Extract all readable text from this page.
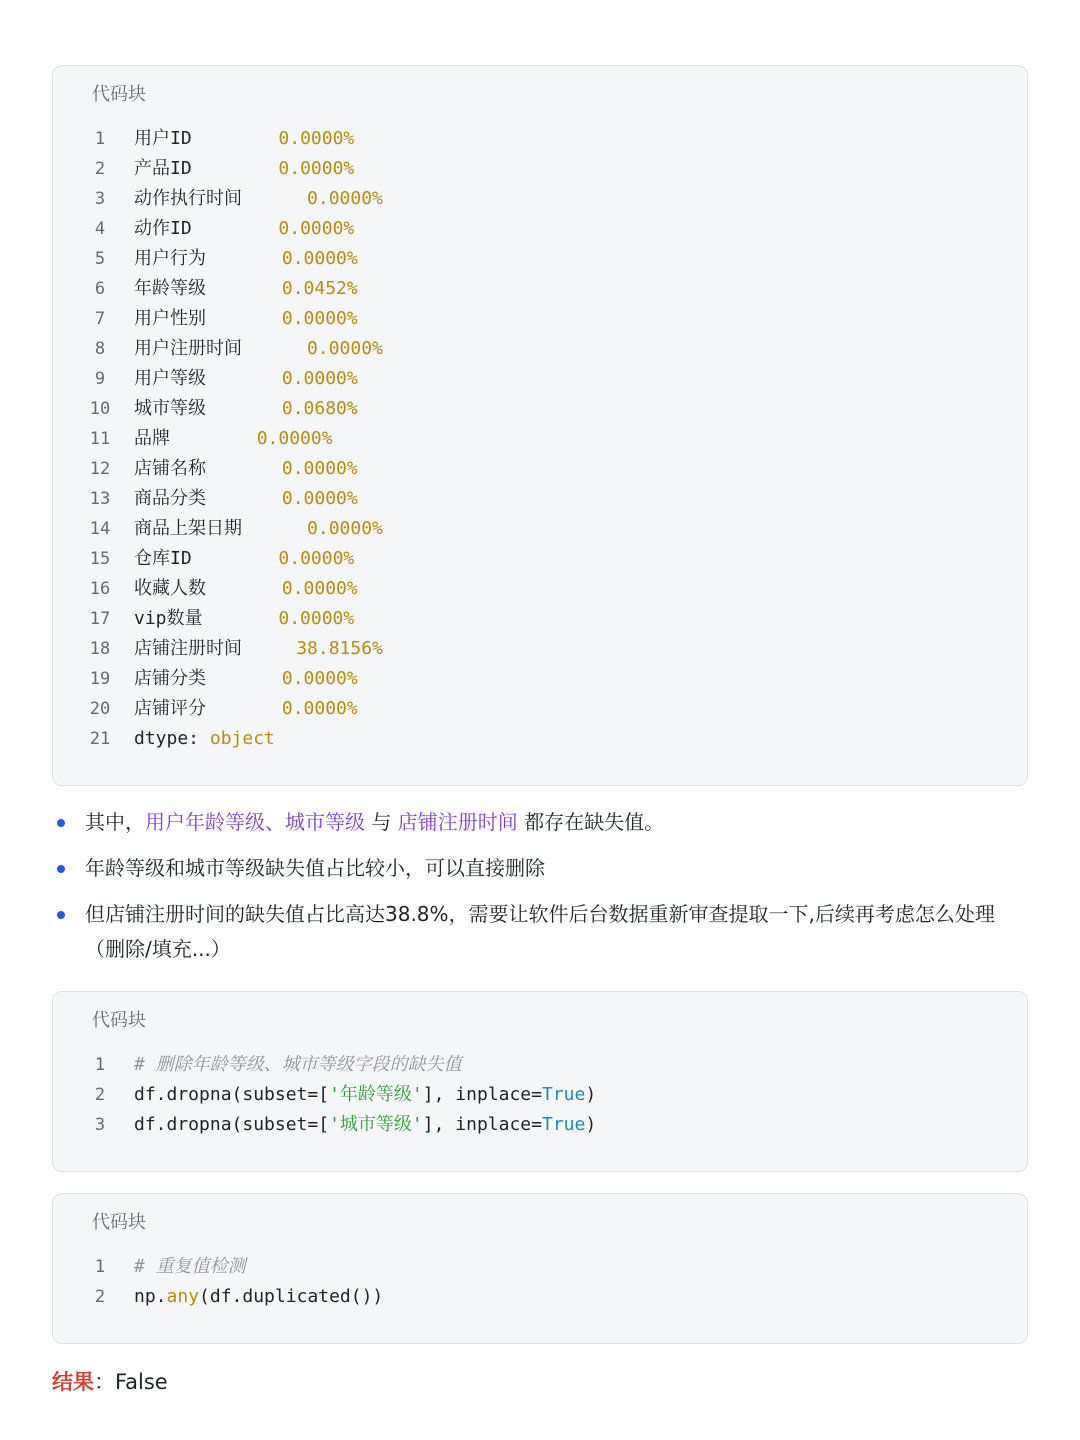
代码块
1	用户ID	0.0000%
2	产品ID	0.0000%
3	动作执行时间	0.0000%
4	动作ID	0.0000%
5	用户行为	0.0000%
6	年龄等级	0.0452%
7	用户性别	0.0000%
8	用户注册时间	0.0000%
9	用户等级	0.0000%
10	城市等级	0.0680%
11	品牌	0.0000%
12	店铺名称	0.0000%
13	商品分类	0.0000%
14	商品上架日期	0.0000%
15	仓库ID	0.0000%
16	收藏人数	0.0000%
17	vip数量	0.0000%
18	店铺注册时间	38.8156%
19	店铺分类	0.0000%
20	店铺评分	0.0000%
21	dtype: object
其中，用户年龄等级、城市等级 与 店铺注册时间 都存在缺失值。
年龄等级和城市等级缺失值占比较小，可以直接删除
但店铺注册时间的缺失值占比高达38.8%，需要让软件后台数据重新审查提取一下,后续再考虑怎么处理（删除/填充...）
代码块
1	# 删除年龄等级、城市等级字段的缺失值
2	df.dropna(subset=['年龄等级'], inplace=True)
3	df.dropna(subset=['城市等级'], inplace=True)
代码块
1	# 重复值检测
2	np.any(df.duplicated())
结果：False
